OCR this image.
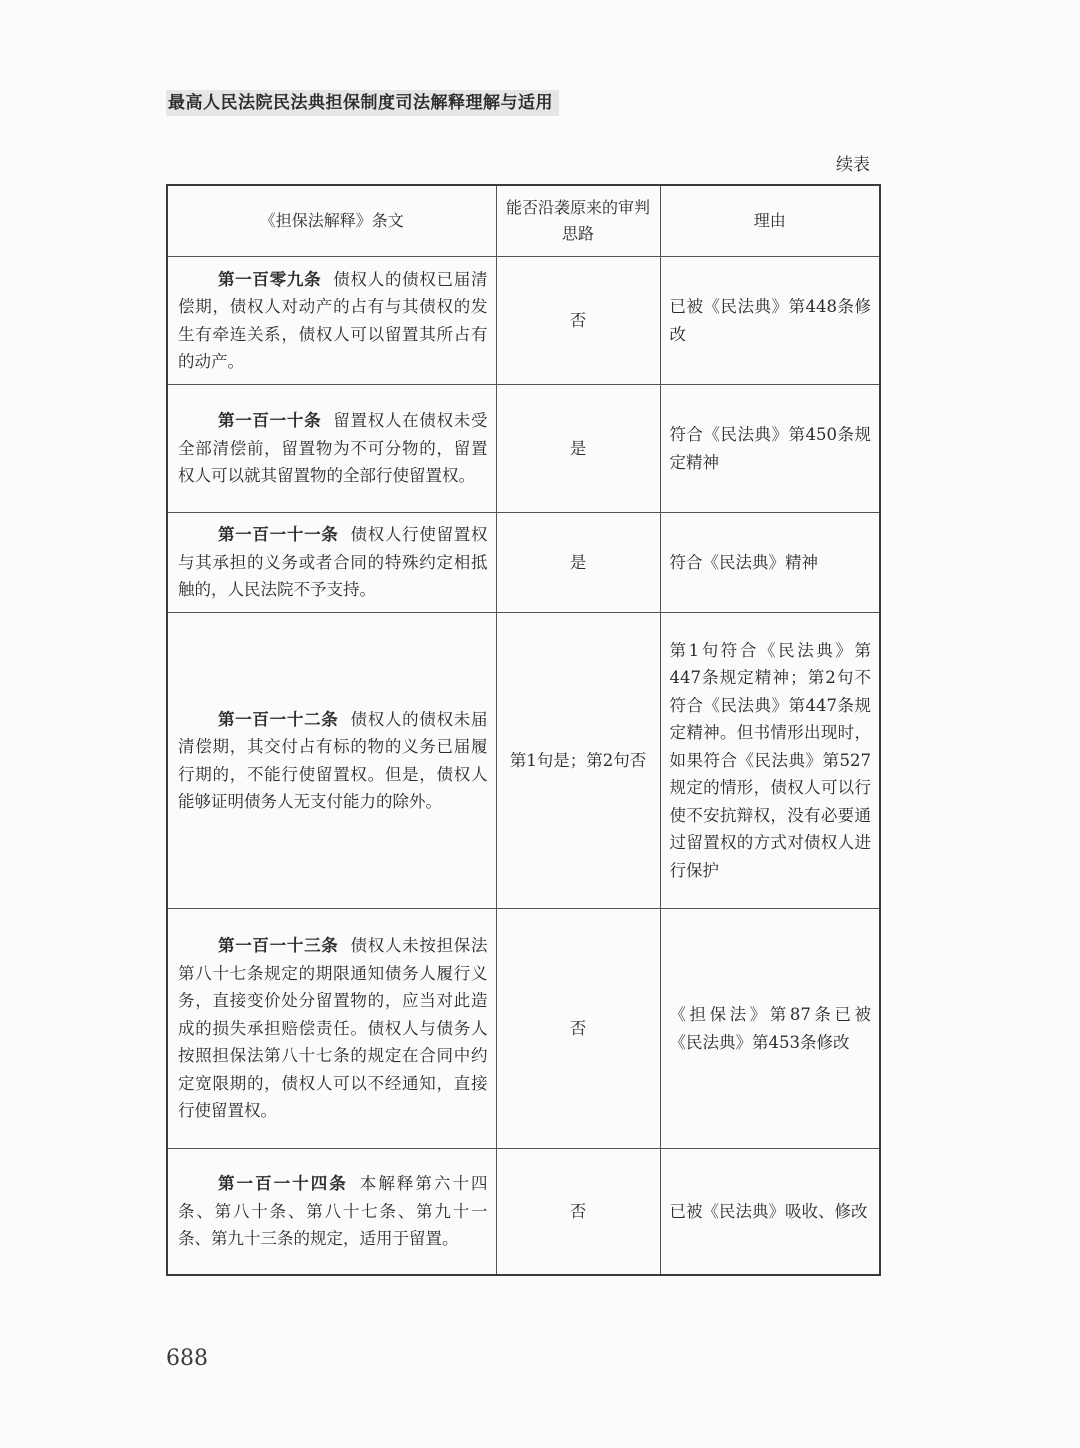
最高人民法院民法典担保制度司法解释理解与适用
续表
《担保法解释》条文	能否沿袭原来的审判思路	理由
第一百零九条 债权人的债权已届清偿期，债权人对动产的占有与其债权的发生有牵连关系，债权人可以留置其所占有的动产。	否	已被《民法典》第448条修改
第一百一十条 留置权人在债权未受全部清偿前，留置物为不可分物的，留置权人可以就其留置物的全部行使留置权。	是	符合《民法典》第450条规定精神
第一百一十一条 债权人行使留置权与其承担的义务或者合同的特殊约定相抵触的，人民法院不予支持。	是	符合《民法典》精神
第一百一十二条 债权人的债权未届清偿期，其交付占有标的物的义务已届履行期的，不能行使留置权。但是，债权人能够证明债务人无支付能力的除外。	第1句是；第2句否	第1句符合《民法典》第447条规定精神；第2句不符合《民法典》第447条规定精神。但书情形出现时，如果符合《民法典》第527规定的情形，债权人可以行使不安抗辩权，没有必要通过留置权的方式对债权人进行保护
第一百一十三条 债权人未按担保法第八十七条规定的期限通知债务人履行义务，直接变价处分留置物的，应当对此造成的损失承担赔偿责任。债权人与债务人按照担保法第八十七条的规定在合同中约定宽限期的，债权人可以不经通知，直接行使留置权。	否	《担保法》第87条已被《民法典》第453条修改
第一百一十四条 本解释第六十四条、第八十条、第八十七条、第九十一条、第九十三条的规定，适用于留置。	否	已被《民法典》吸收、修改
688
